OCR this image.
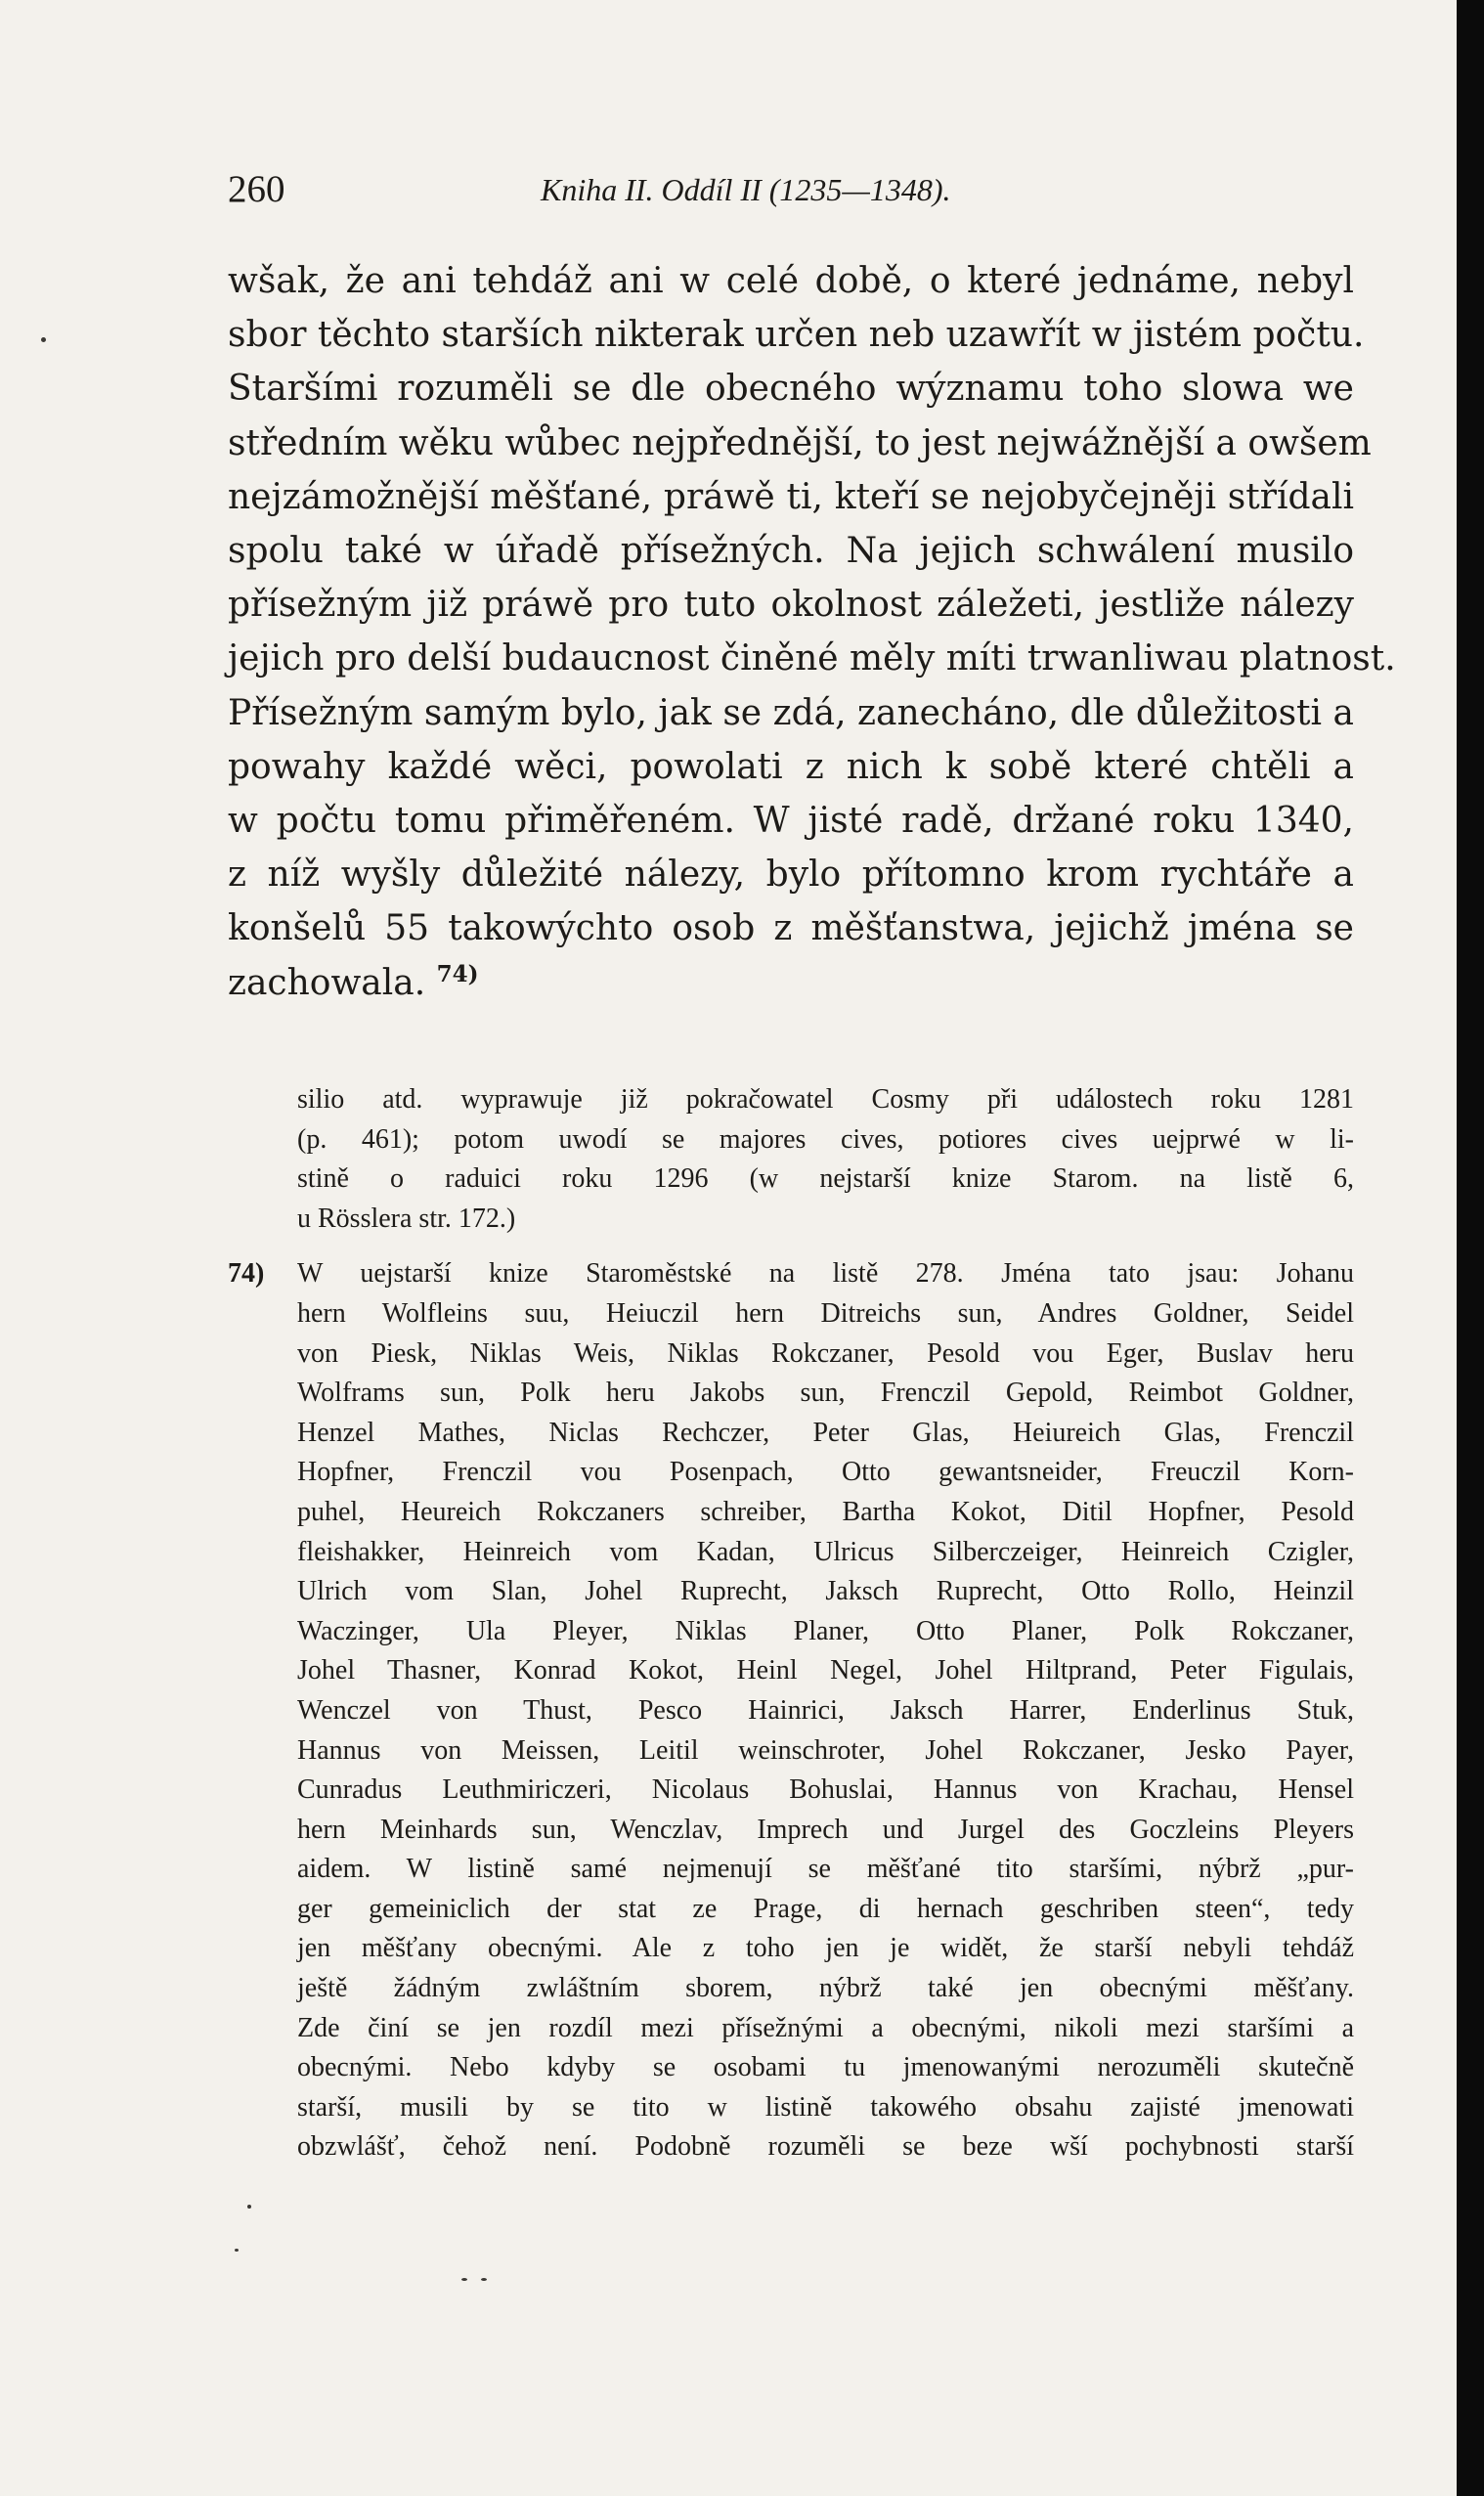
260	Kniha II. Oddíl II (1235—1348).
wšak, že ani tehdáž ani w celé době, o které jednáme, nebyl
sbor těchto starších nikterak určen neb uzawřít w jistém počtu.
Staršími rozuměli se dle obecného wýznamu toho slowa we
středním wěku wůbec nejpřednější, to jest nejwážnější a owšem
nejzámožnější měšťané, práwě ti, kteří se nejobyčejněji střídali
spolu také w úřadě přísežných. Na jejich schwálení musilo
přísežným již práwě pro tuto okolnost záležeti, jestliže nálezy
jejich pro delší budaucnost činěné měly míti trwanliwau platnost.
Přísežným samým bylo, jak se zdá, zanecháno, dle důležitosti a
powahy každé wěci, powolati z nich k sobě které chtěli a
w počtu tomu přiměřeném. W jisté radě, držané roku 1340,
z níž wyšly důležité nálezy, bylo přítomno krom rychtáře a
konšelů 55 takowýchto osob z měšťanstwa, jejichž jména se
zachowala. $^{74)}$
silio atd. wyprawuje již pokračowatel Cosmy při událostech roku 1281
(p. 461); potom uwodí se majores cives, potiores cives uejprwé w li-
stině o raduici roku 1296 (w nejstarší knize Starom. na listě 6,
u Rösslera str. 172.)
74) W uejstarší knize Staroměstské na listě 278. Jména tato jsau: Johanu
hern Wolfleins suu, Heiuczil hern Ditreichs sun, Andres Goldner, Seidel
von Piesk, Niklas Weis, Niklas Rokczaner, Pesold vou Eger, Buslav heru
Wolframs sun, Polk heru Jakobs sun, Frenczil Gepold, Reimbot Goldner,
Henzel Mathes, Niclas Rechczer, Peter Glas, Heiureich Glas, Frenczil
Hopfner, Frenczil vou Posenpach, Otto gewantsneider, Freuczil Korn-
puhel, Heureich Rokczaners schreiber, Bartha Kokot, Ditil Hopfner, Pesold
fleishakker, Heinreich vom Kadan, Ulricus Silberczeiger, Heinreich Czigler,
Ulrich vom Slan, Johel Ruprecht, Jaksch Ruprecht, Otto Rollo, Heinzil
Waczinger, Ula Pleyer, Niklas Planer, Otto Planer, Polk Rokczaner,
Johel Thasner, Konrad Kokot, Heinl Negel, Johel Hiltprand, Peter Figulais,
Wenczel von Thust, Pesco Hainrici, Jaksch Harrer, Enderlinus Stuk,
Hannus von Meissen, Leitil weinschroter, Johel Rokczaner, Jesko Payer,
Cunradus Leuthmiriczeri, Nicolaus Bohuslai, Hannus von Krachau, Hensel
hern Meinhards sun, Wenczlav, Imprech und Jurgel des Goczleins Pleyers
aidem. W listině samé nejmenují se měšťané tito staršími, nýbrž „pur-
ger gemeiniclich der stat ze Prage, di hernach geschriben steen“, tedy
jen měšťany obecnými. Ale z toho jen je widět, že starší nebyli tehdáž
ještě žádným zwláštním sborem, nýbrž také jen obecnými měšťany.
Zde činí se jen rozdíl mezi přísežnými a obecnými, nikoli mezi staršími a
obecnými. Nebo kdyby se osobami tu jmenowanými nerozuměli skutečně
starší, musili by se tito w listině takowého obsahu zajisté jmenowati
obzwlášť, čehož není. Podobně rozuměli se beze wší pochybnosti starší
